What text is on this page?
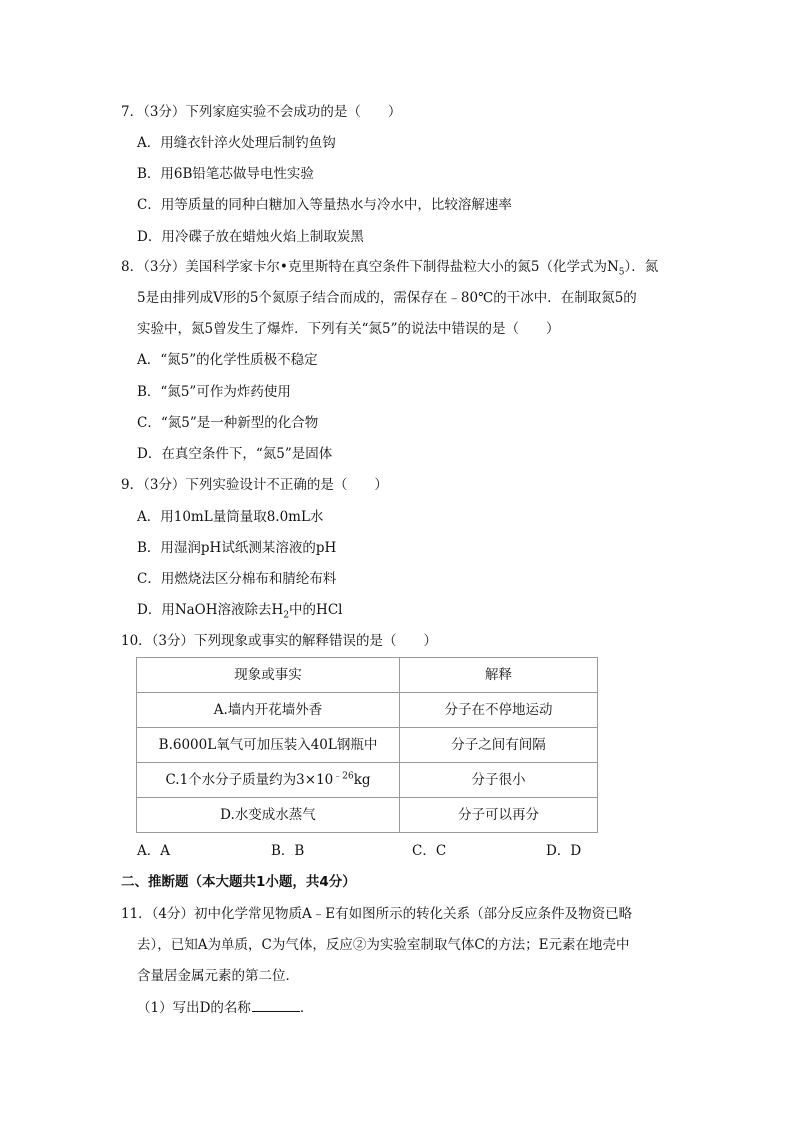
7．（3分）下列家庭实验不会成功的是（　　）
A．用缝衣针淬火处理后制钓鱼钩
B．用6B铅笔芯做导电性实验
C．用等质量的同种白糖加入等量热水与冷水中，比较溶解速率
D．用冷碟子放在蜡烛火焰上制取炭黑
8．（3分）美国科学家卡尔•克里斯特在真空条件下制得盐粒大小的氮5（化学式为$N_5$）．氮
5是由排列成V形的5个氮原子结合而成的，需保存在﹣80℃的干冰中．在制取氮5的
实验中，氮5曾发生了爆炸．下列有关“氮5”的说法中错误的是（　　）
A．“氮5”的化学性质极不稳定
B．“氮5”可作为炸药使用
C．“氮5”是一种新型的化合物
D．在真空条件下，“氮5”是固体
9．（3分）下列实验设计不正确的是（　　）
A．用10mL量筒量取8.0mL水
B．用湿润pH试纸测某溶液的pH
C．用燃烧法区分棉布和腈纶布料
D．用NaOH溶液除去$H_2$中的HCl
10．（3分）下列现象或事实的解释错误的是（　　）
现象或事实	解释
A.墙内开花墙外香	分子在不停地运动
B.6000L氧气可加压装入40L钢瓶中	分子之间有间隔
C.1个水分子质量约为$3\times 10^{﹣26}kg$	分子很小
D.水变成水蒸气	分子可以再分
A．A	B．B	C．C	D．D
二、推断题（本大题共1小题，共4分）
11．（4分）初中化学常见物质A﹣E有如图所示的转化关系（部分反应条件及物资已略
去），已知A为单质，C为气体，反应②为实验室制取气体C的方法；E元素在地壳中
含量居金属元素的第二位．
（1）写出D的名称	．
